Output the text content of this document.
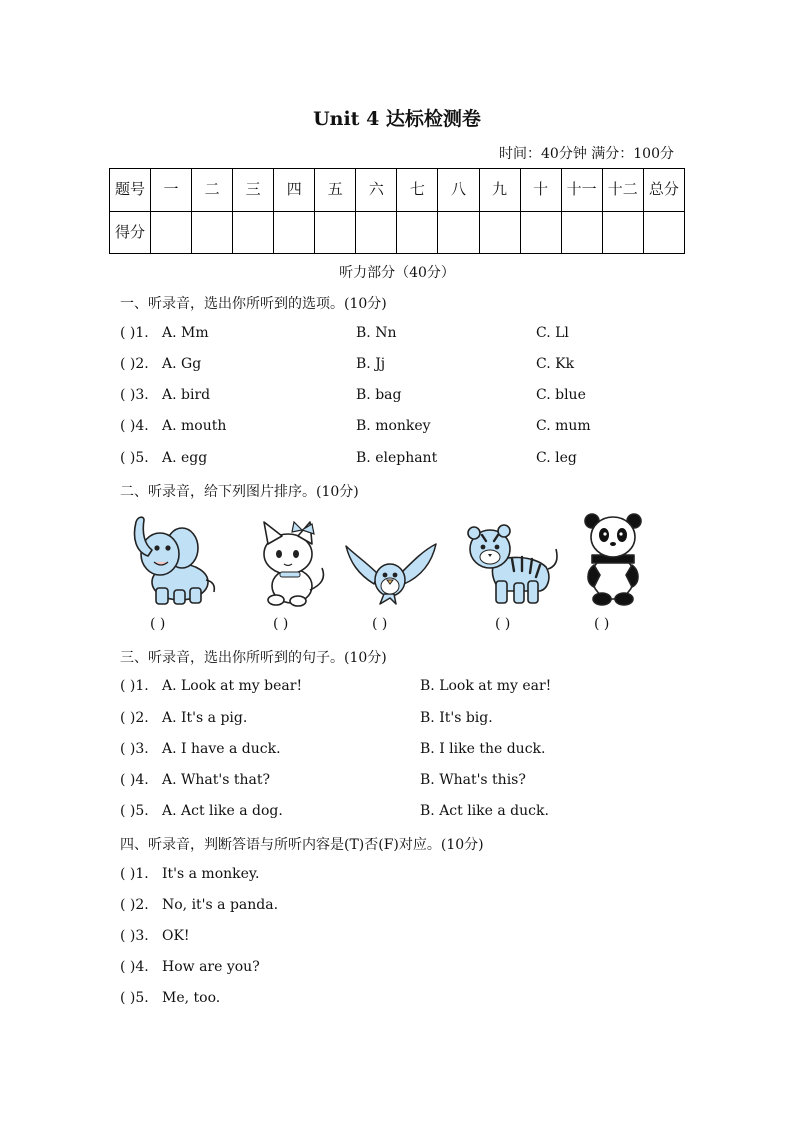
Unit 4 达标检测卷
时间：40分钟 满分：100分
题号	一	二	三	四	五	六	七	八	九	十	十一	十二	总分
得分													
听力部分（40分）
一、听录音，选出你所听到的选项。(10分)
( )1. A. Mm	B. Nn	C. Ll
( )2. A. Gg	B. Jj	C. Kk
( )3. A. bird	B. bag	C. blue
( )4. A. mouth	B. monkey	C. mum
( )5. A. egg	B. elephant	C. leg
二、听录音，给下列图片排序。(10分)
( )	( )	( )	( )	( )
三、听录音，选出你所听到的句子。(10分)
( )1. A. Look at my bear!	B. Look at my ear!
( )2. A. It's a pig.	B. It's big.
( )3. A. I have a duck.	B. I like the duck.
( )4. A. What's that?	B. What's this?
( )5. A. Act like a dog.	B. Act like a duck.
四、听录音，判断答语与所听内容是(T)否(F)对应。(10分)
( )1. It's a monkey.
( )2. No, it's a panda.
( )3. OK!
( )4. How are you?
( )5. Me, too.
